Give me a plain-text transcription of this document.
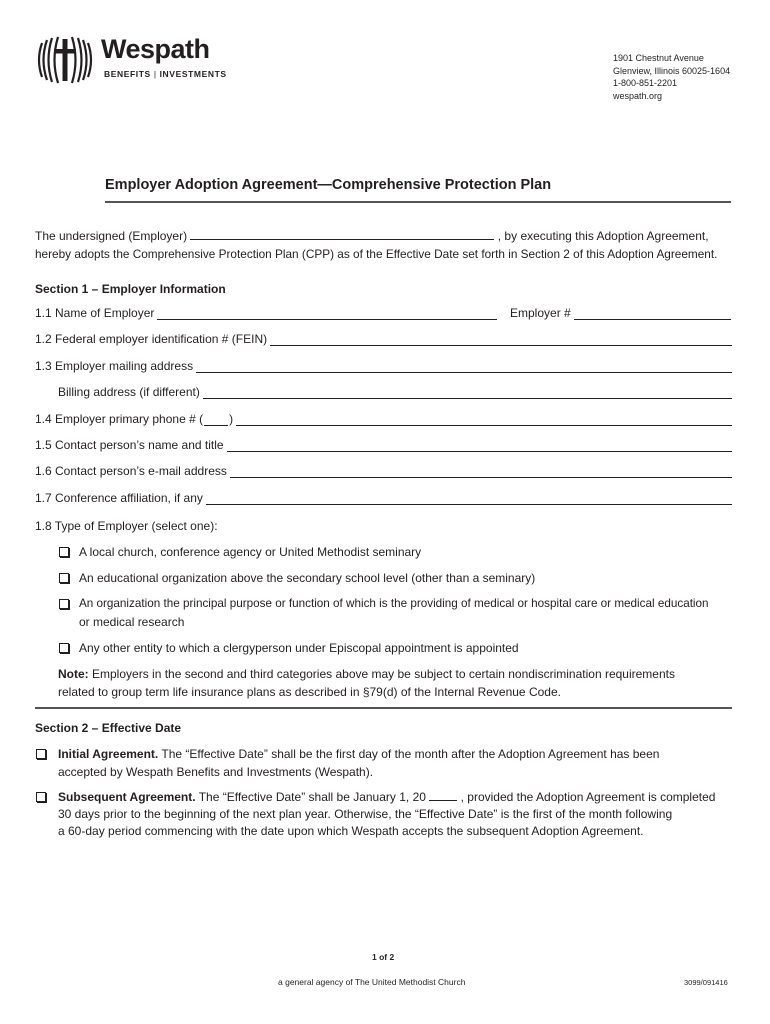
Wespath
BENEFITS | INVESTMENTS
1901 Chestnut Avenue
Glenview, Illinois 60025-1604
1-800-851-2201
wespath.org
Employer Adoption Agreement—Comprehensive Protection Plan
The undersigned (Employer)	, by executing this Adoption Agreement,
hereby adopts the Comprehensive Protection Plan (CPP) as of the Effective Date set forth in Section 2 of this Adoption Agreement.
Section 1 – Employer Information
1.1 Name of Employer	Employer #
1.2 Federal employer identification # (FEIN)
1.3 Employer mailing address
Billing address (if different)
1.4 Employer primary phone # ( )
1.5 Contact person’s name and title
1.6 Contact person’s e-mail address
1.7 Conference affiliation, if any
1.8 Type of Employer (select one):
A local church, conference agency or United Methodist seminary
An educational organization above the secondary school level (other than a seminary)
An organization the principal purpose or function of which is the providing of medical or hospital care or medical education
or medical research
Any other entity to which a clergyperson under Episcopal appointment is appointed
Note: Employers in the second and third categories above may be subject to certain nondiscrimination requirements
related to group term life insurance plans as described in §79(d) of the Internal Revenue Code.
Section 2 – Effective Date
Initial Agreement. The “Effective Date” shall be the first day of the month after the Adoption Agreement has been
accepted by Wespath Benefits and Investments (Wespath).
Subsequent Agreement. The “Effective Date” shall be January 1, 20	, provided the Adoption Agreement is completed
30 days prior to the beginning of the next plan year. Otherwise, the “Effective Date” is the first of the month following
a 60-day period commencing with the date upon which Wespath accepts the subsequent Adoption Agreement.
1 of 2
a general agency of The United Methodist Church	3099/091416
